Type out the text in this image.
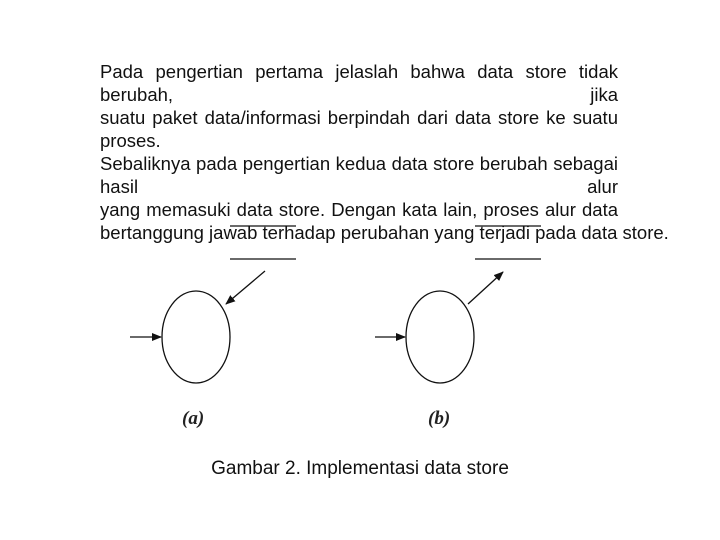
Pada pengertian pertama jelaslah bahwa data store tidak berubah, jika
suatu paket data/informasi berpindah dari data store ke suatu proses.
Sebaliknya pada pengertian kedua data store berubah sebagai hasil alur
yang memasuki data store. Dengan kata lain, proses alur data
bertanggung jawab terhadap perubahan yang terjadi pada data store.

(a)	(b)
Gambar 2. Implementasi data store
